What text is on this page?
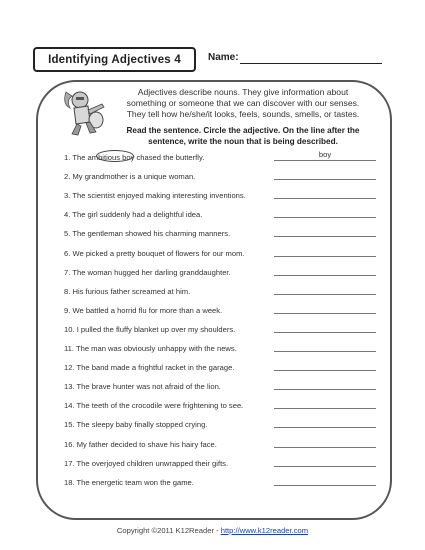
Identifying Adjectives
4	Name:
Adjectives describe nouns. They give information about something or someone that we can discover with our senses. They tell how he/she/it looks, feels, sounds, smells, or tastes.
Read the sentence. Circle the adjective. On the line after the sentence, write the noun that is being described.
1. The ambitious boy chased the butterfly.	boy
2. My grandmother is a unique woman.
3. The scientist enjoyed making interesting inventions.
4. The girl suddenly had a delightful idea.
5. The gentleman showed his charming manners.
6. We picked a pretty bouquet of flowers for our mom.
7. The woman hugged her darling granddaughter.
8. His furious father screamed at him.
9. We battled a horrid flu for more than a week.
10. I pulled the fluffy blanket up over my shoulders.
11. The man was obviously unhappy with the news.
12. The band made a frightful racket in the garage.
13. The brave hunter was not afraid of the lion.
14. The teeth of the crocodile were frightening to see.
15. The sleepy baby finally stopped crying.
16. My father decided to shave his hairy face.
17. The overjoyed children unwrapped their gifts.
18. The energetic team won the game.
Copyright ©2011 K12Reader - http://www.k12reader.com
